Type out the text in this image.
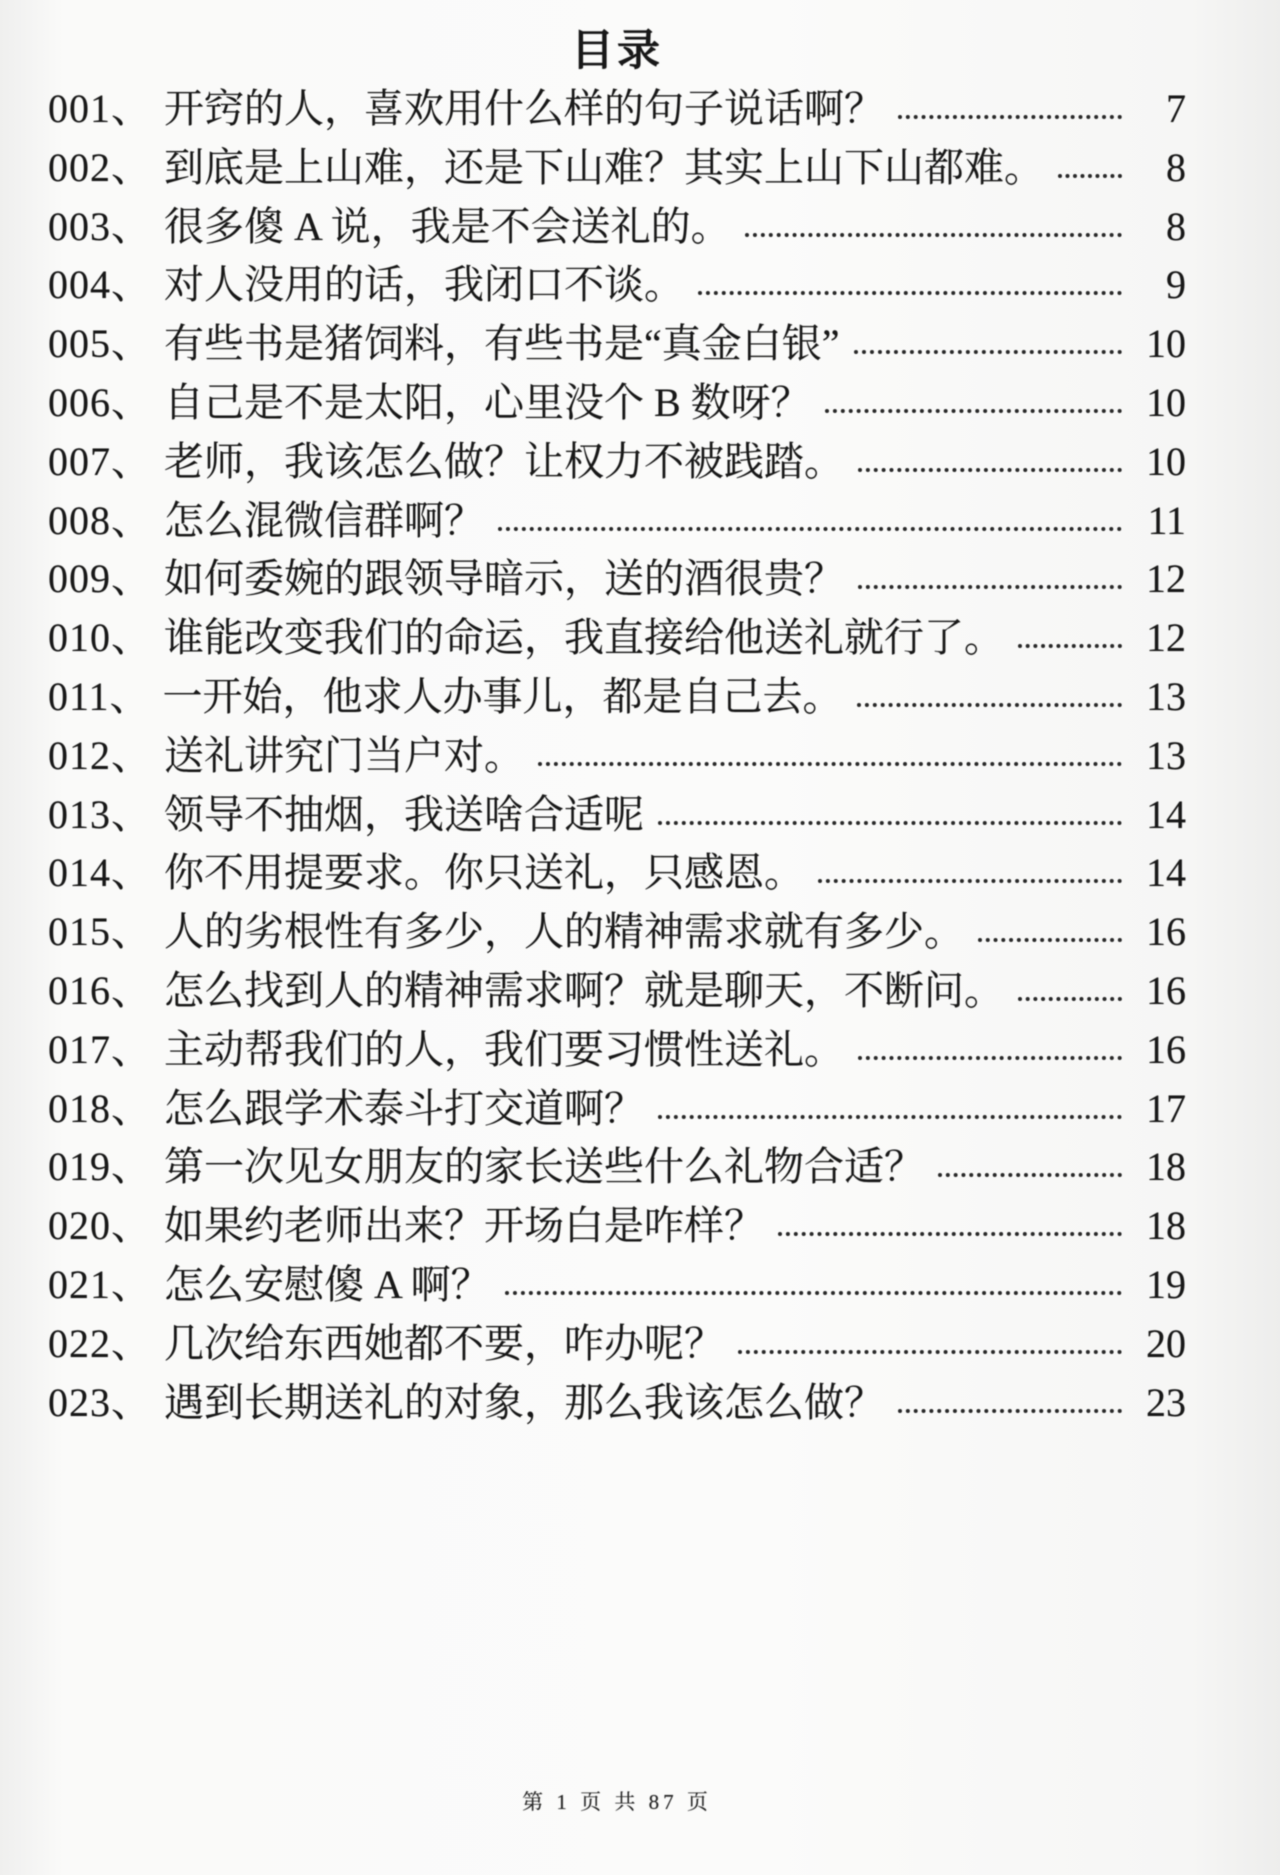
目录
001、 开窍的人，喜欢用什么样的句子说话啊？	7
002、 到底是上山难，还是下山难？其实上山下山都难。	8
003、 很多傻 A 说，我是不会送礼的。	8
004、 对人没用的话，我闭口不谈。	9
005、 有些书是猪饲料，有些书是“真金白银”	10
006、 自己是不是太阳，心里没个 B 数呀？	10
007、 老师，我该怎么做？让权力不被践踏。	10
008、 怎么混微信群啊？	11
009、 如何委婉的跟领导暗示，送的酒很贵？	12
010、 谁能改变我们的命运，我直接给他送礼就行了。	12
011、 一开始，他求人办事儿，都是自己去。	13
012、 送礼讲究门当户对。	13
013、 领导不抽烟，我送啥合适呢	14
014、 你不用提要求。你只送礼，只感恩。	14
015、 人的劣根性有多少，人的精神需求就有多少。	16
016、 怎么找到人的精神需求啊？就是聊天，不断问。	16
017、 主动帮我们的人，我们要习惯性送礼。	16
018、 怎么跟学术泰斗打交道啊？	17
019、 第一次见女朋友的家长送些什么礼物合适？	18
020、 如果约老师出来？开场白是咋样？	18
021、 怎么安慰傻 A 啊？	19
022、 几次给东西她都不要，咋办呢？	20
023、 遇到长期送礼的对象，那么我该怎么做？	23
第 1 页 共 87 页
